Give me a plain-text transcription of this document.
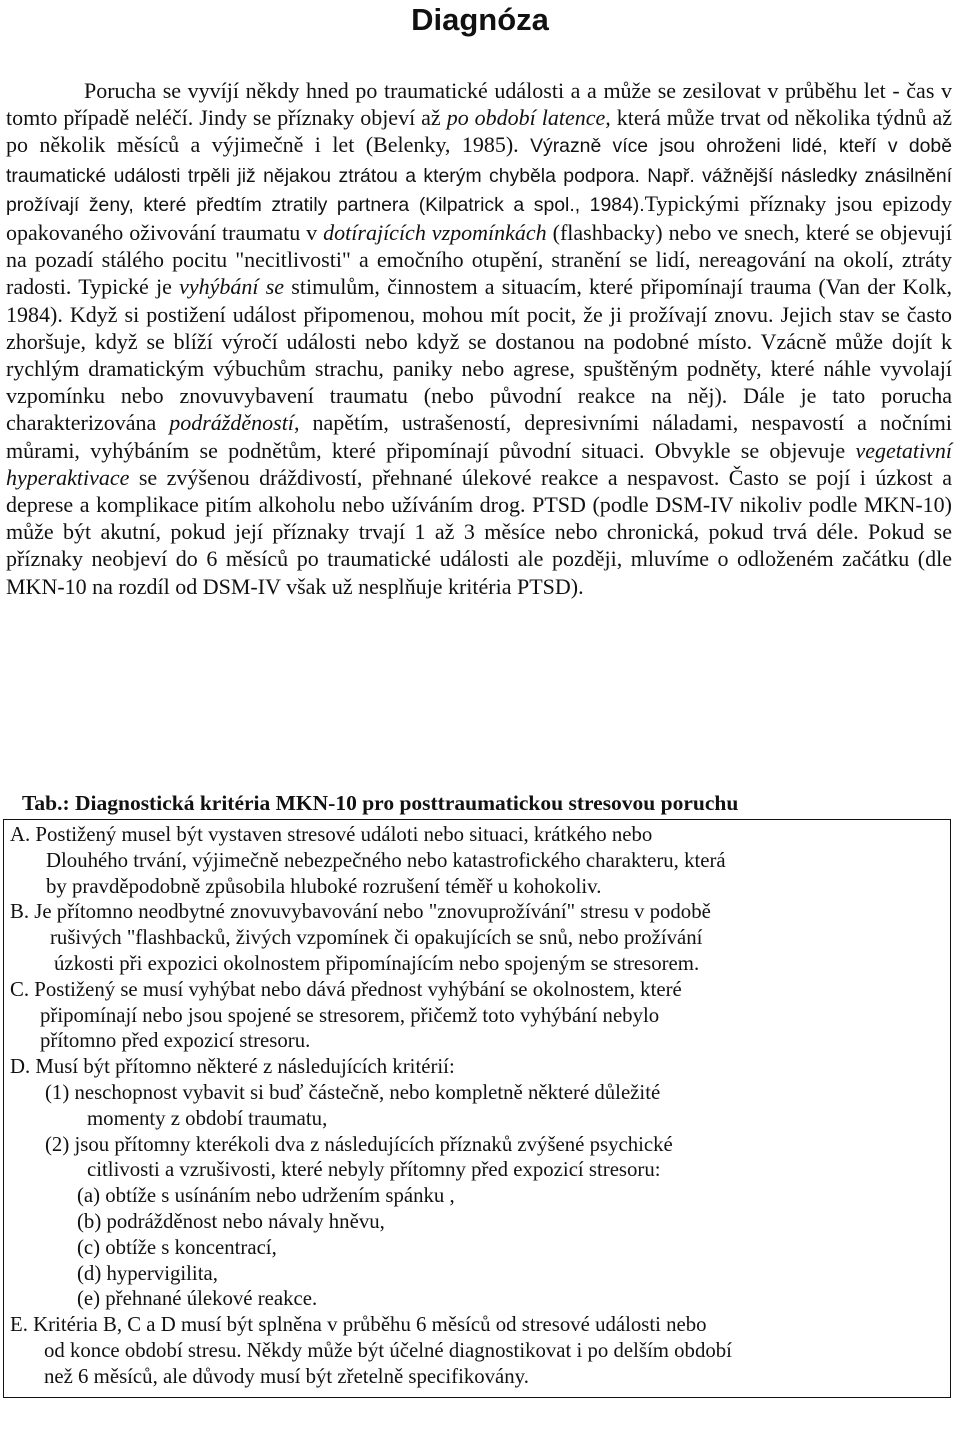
Diagnóza
Porucha se vyvíjí někdy hned po traumatické události a a může se zesilovat v průběhu let - čas v tomto případě neléčí. Jindy se příznaky objeví až po období latence, která může trvat od několika týdnů až po několik měsíců a výjimečně i let (Belenky, 1985). Výrazně více jsou ohroženi lidé, kteří v době traumatické události trpěli již nějakou ztrátou a kterým chyběla podpora. Např. vážnější následky znásilnění prožívají ženy, které předtím ztratily partnera (Kilpatrick a spol., 1984).Typickými příznaky jsou epizody opakovaného oživování traumatu v dotírajících vzpomínkách (flashbacky) nebo ve snech, které se objevují na pozadí stálého pocitu "necitlivosti" a emočního otupění, stranění se lidí, nereagování na okolí, ztráty radosti. Typické je vyhýbání se stimulům, činnostem a situacím, které připomínají trauma (Van der Kolk, 1984). Když si postižení událost připomenou, mohou mít pocit, že ji prožívají znovu. Jejich stav se často zhoršuje, když se blíží výročí události nebo když se dostanou na podobné místo. Vzácně může dojít k rychlým dramatickým výbuchům strachu, paniky nebo agrese, spuštěným podněty, které náhle vyvolají vzpomínku nebo znovuvybavení traumatu (nebo původní reakce na něj). Dále je tato porucha charakterizována podrážděností, napětím, ustrašeností, depresivními náladami, nespavostí a nočními můrami, vyhýbáním se podnětům, které připomínají původní situaci. Obvykle se objevuje vegetativní hyperaktivace se zvýšenou dráždivostí, přehnané úlekové reakce a nespavost. Často se pojí i úzkost a deprese a komplikace pitím alkoholu nebo užíváním drog. PTSD (podle DSM-IV nikoliv podle MKN-10) může být akutní, pokud její příznaky trvají 1 až 3 měsíce nebo chronická, pokud trvá déle. Pokud se příznaky neobjeví do 6 měsíců po traumatické události ale později, mluvíme o odloženém začátku (dle MKN-10 na rozdíl od DSM-IV však už nesplňuje kritéria PTSD).
Tab.: Diagnostická kritéria MKN-10 pro posttraumatickou stresovou poruchu
A. Postižený musel být vystaven stresové událoti nebo situaci, krátkého nebo
Dlouhého trvání, výjimečně nebezpečného nebo katastrofického charakteru, která
by pravděpodobně způsobila hluboké rozrušení téměř u kohokoliv.
B. Je přítomno neodbytné znovuvybavování nebo "znovuprožívání" stresu v podobě
rušivých "flashbacků, živých vzpomínek či opakujících se snů, nebo prožívání
úzkosti při expozici okolnostem připomínajícím nebo spojeným se stresorem.
C. Postižený se musí vyhýbat nebo dává přednost vyhýbání se okolnostem, které
připomínají nebo jsou spojené se stresorem, přičemž toto vyhýbání nebylo
přítomno před expozicí stresoru.
D. Musí být přítomno některé z následujících kritérií:
(1) neschopnost vybavit si buď částečně, nebo kompletně některé důležité
momenty z období traumatu,
(2) jsou přítomny kterékoli dva z následujících příznaků zvýšené psychické
citlivosti a vzrušivosti, které nebyly přítomny před expozicí stresoru:
(a) obtíže s usínáním nebo udržením spánku ,
(b) podrážděnost nebo návaly hněvu,
(c) obtíže s koncentrací,
(d) hypervigilita,
(e) přehnané úlekové reakce.
E. Kritéria B, C a D musí být splněna v průběhu 6 měsíců od stresové události nebo
od konce období stresu. Někdy může být účelné diagnostikovat i po delším období
než 6 měsíců, ale důvody musí být zřetelně specifikovány.
